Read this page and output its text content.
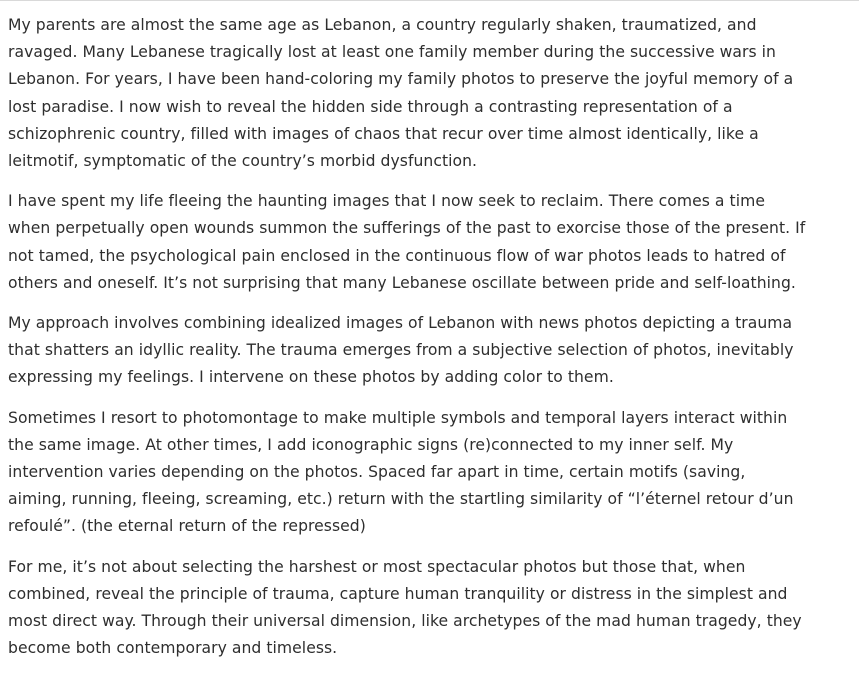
My parents are almost the same age as Lebanon, a country regularly shaken, traumatized, and ravaged. Many Lebanese tragically lost at least one family member during the successive wars in Lebanon. For years, I have been hand-coloring my family photos to preserve the joyful memory of a lost paradise. I now wish to reveal the hidden side through a contrasting representation of a schizophrenic country, filled with images of chaos that recur over time almost identically, like a leitmotif, symptomatic of the country’s morbid dysfunction.

I have spent my life fleeing the haunting images that I now seek to reclaim. There comes a time when perpetually open wounds summon the sufferings of the past to exorcise those of the present. If not tamed, the psychological pain enclosed in the continuous flow of war photos leads to hatred of others and oneself. It’s not surprising that many Lebanese oscillate between pride and self-loathing.

My approach involves combining idealized images of Lebanon with news photos depicting a trauma that shatters an idyllic reality. The trauma emerges from a subjective selection of photos, inevitably expressing my feelings. I intervene on these photos by adding color to them.

Sometimes I resort to photomontage to make multiple symbols and temporal layers interact within the same image. At other times, I add iconographic signs (re)connected to my inner self. My intervention varies depending on the photos. Spaced far apart in time, certain motifs (saving, aiming, running, fleeing, screaming, etc.) return with the startling similarity of “l’éternel retour d’un refoulé”. (the eternal return of the repressed)

For me, it’s not about selecting the harshest or most spectacular photos but those that, when combined, reveal the principle of trauma, capture human tranquility or distress in the simplest and most direct way. Through their universal dimension, like archetypes of the mad human tragedy, they become both contemporary and timeless.
